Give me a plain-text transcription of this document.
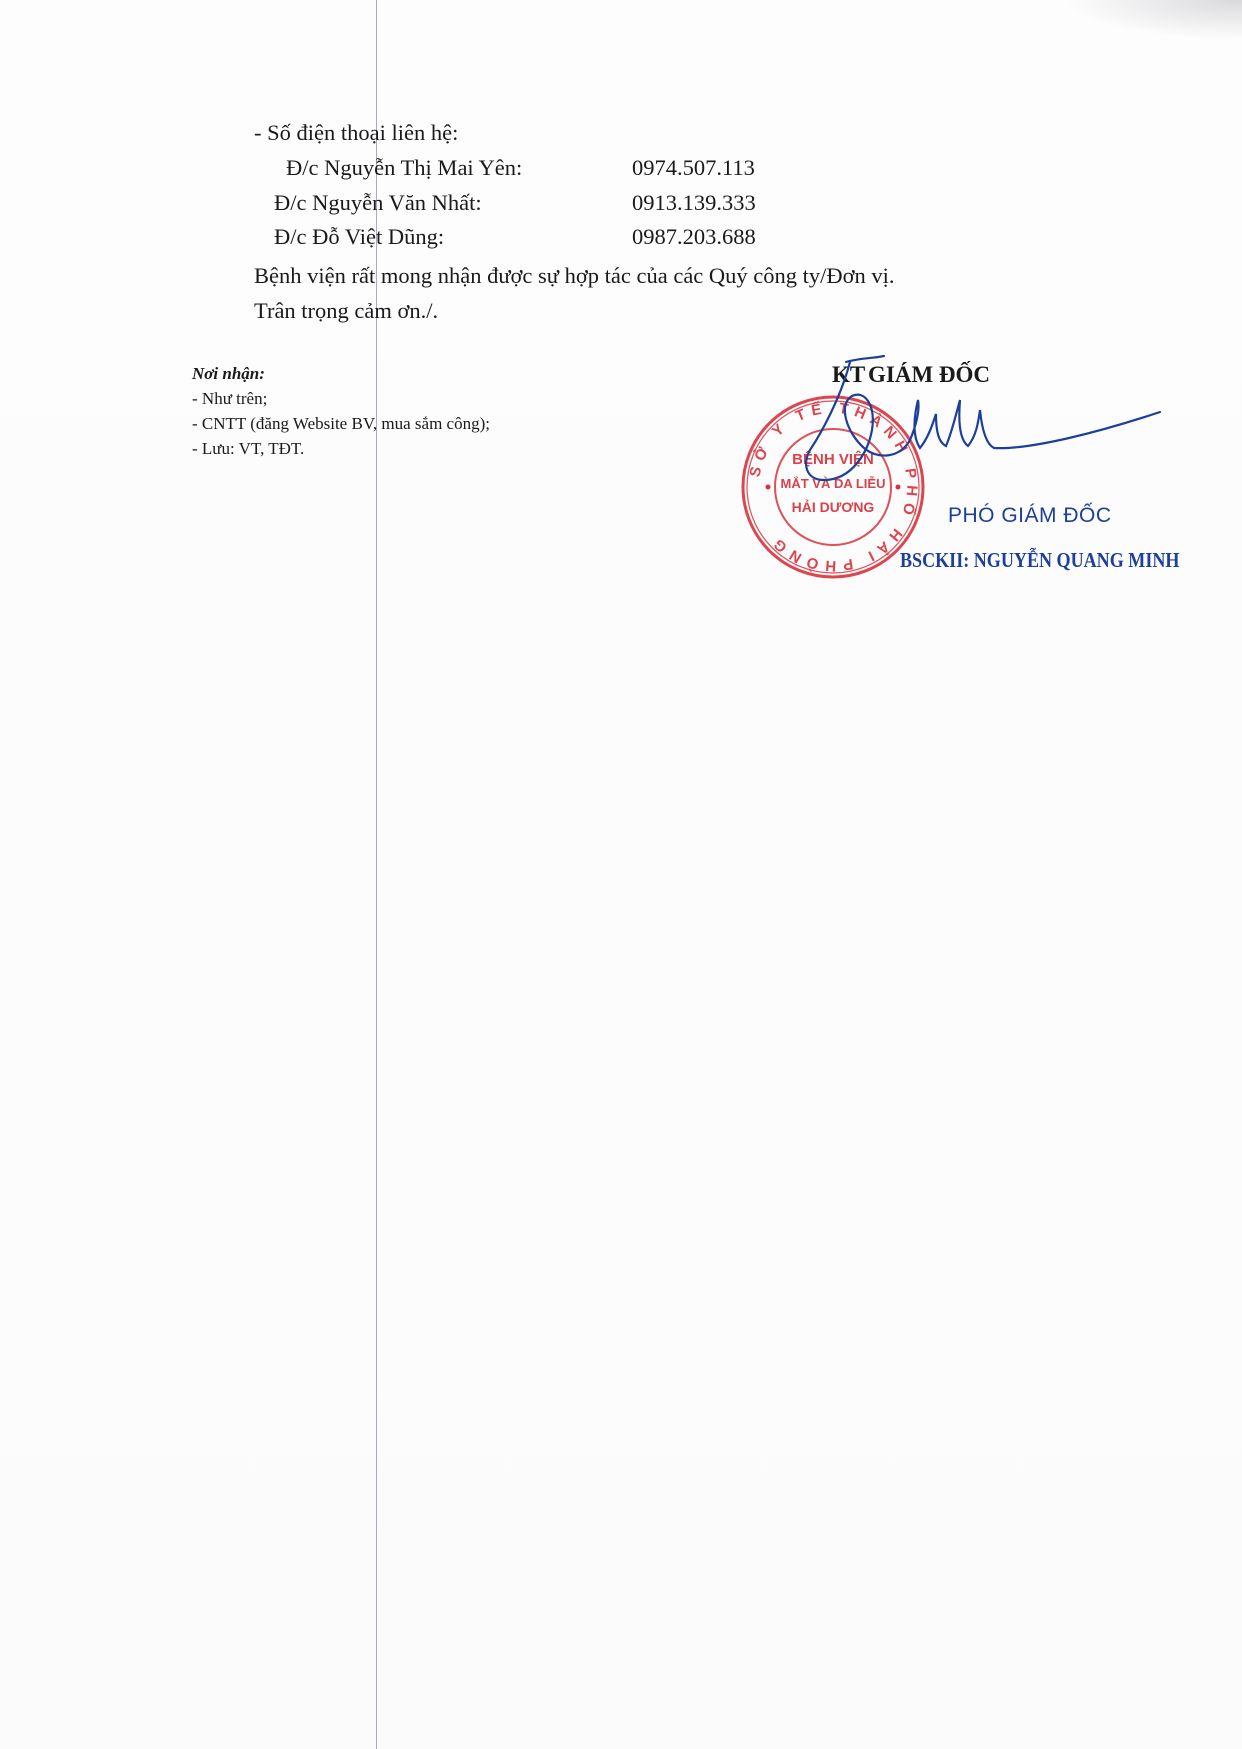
- Số điện thoại liên hệ:
Đ/c Nguyễn Thị Mai Yên:	0974.507.113
Đ/c Nguyễn Văn Nhất:	0913.139.333
Đ/c Đỗ Việt Dũng:	0987.203.688
Bệnh viện rất mong nhận được sự hợp tác của các Quý công ty/Đơn vị.
Trân trọng cảm ơn./.
Nơi nhận:
- Như trên;
- CNTT (đăng Website BV, mua sắm công);
- Lưu: VT, TĐT.
KT GIÁM ĐỐC
SỞ Y TẾ THÀNH PHỐ HẢI PHÒNG
BỆNH VIỆN
MẮT VÀ DA LIỄU
HẢI DƯƠNG	PHÓ GIÁM ĐỐC
BSCKII: NGUYỄN QUANG MINH
